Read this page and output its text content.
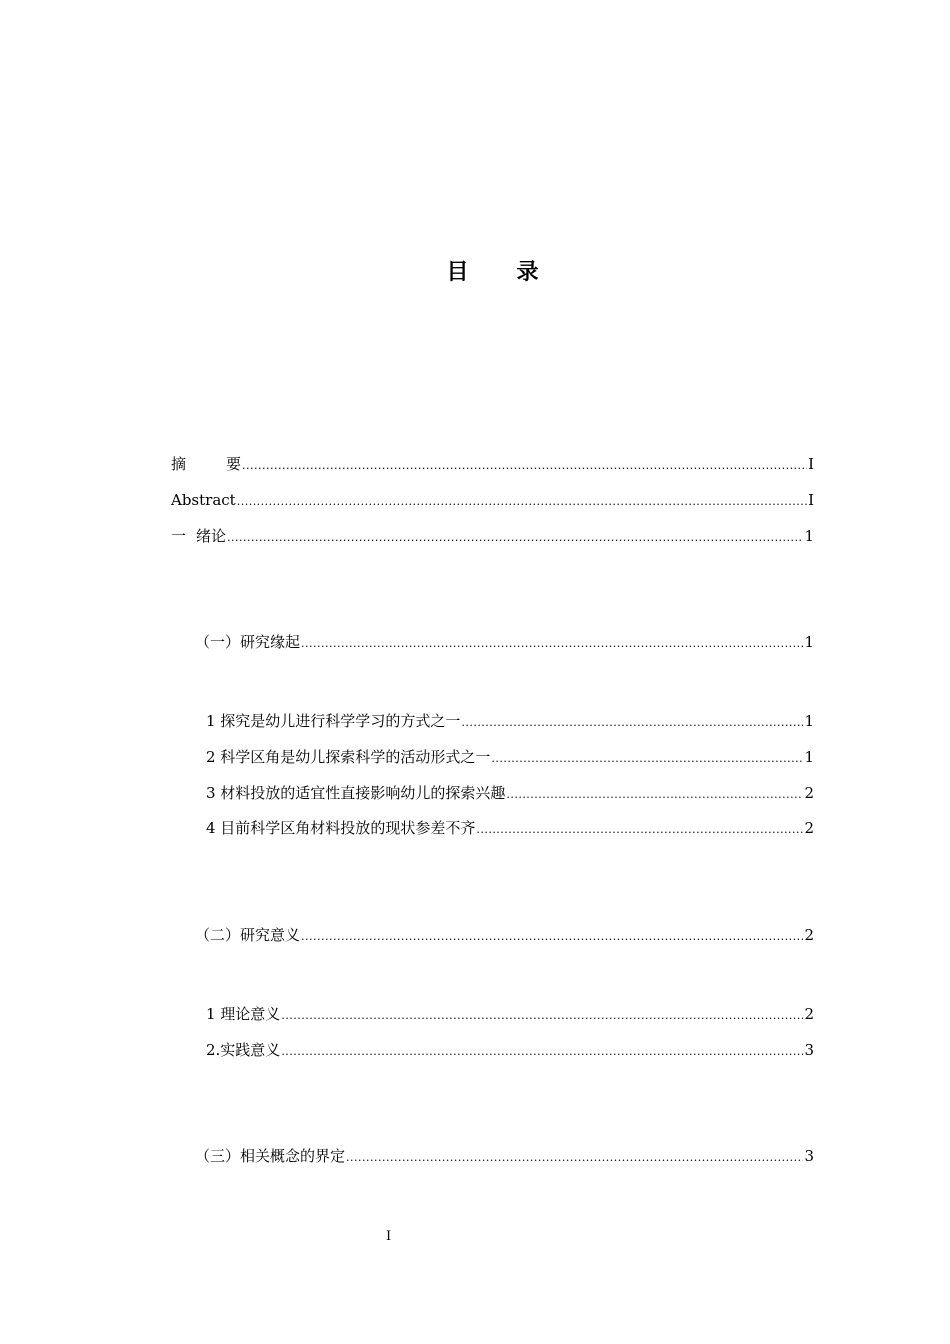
目 录
摘	要 .....	I
Abstract .....	I
一 绪论 .....	1
（一）研究缘起 .....	1
1 探究是幼儿进行科学学习的方式之一 .....	1
2 科学区角是幼儿探索科学的活动形式之一 .....	1
3 材料投放的适宜性直接影响幼儿的探索兴趣 .....	2
4 目前科学区角材料投放的现状参差不齐 .....	2
（二）研究意义 .....	2
1 理论意义 .....	2
2.实践意义 .....	3
（三）相关概念的界定 .....	3
I
